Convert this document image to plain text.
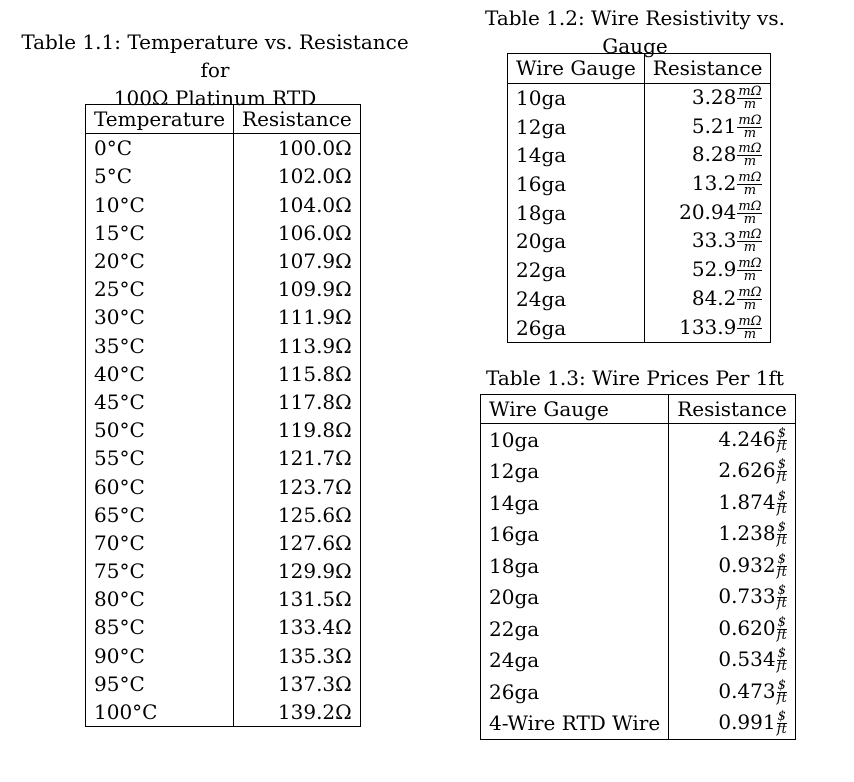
Table 1.1: Temperature vs. Resistance for
100Ω Platinum RTD
Temperature	Resistance
0°C	100.0Ω
5°C	102.0Ω
10°C	104.0Ω
15°C	106.0Ω
20°C	107.9Ω
25°C	109.9Ω
30°C	111.9Ω
35°C	113.9Ω
40°C	115.8Ω
45°C	117.8Ω
50°C	119.8Ω
55°C	121.7Ω
60°C	123.7Ω
65°C	125.6Ω
70°C	127.6Ω
75°C	129.9Ω
80°C	131.5Ω
85°C	133.4Ω
90°C	135.3Ω
95°C	137.3Ω
100°C	139.2Ω
Table 1.2: Wire Resistivity vs. Gauge
Wire Gauge	Resistance
10ga	$3.28 \frac{m\Omega}{m}$

12ga	$5.21 \frac{m\Omega}{m}$

14ga	$8.28 \frac{m\Omega}{m}$

16ga	$13.2 \frac{m\Omega}{m}$

18ga	$20.94 \frac{m\Omega}{m}$

20ga	$33.3 \frac{m\Omega}{m}$

22ga	$52.9 \frac{m\Omega}{m}$

24ga	$84.2 \frac{m\Omega}{m}$

26ga	$133.9 \frac{m\Omega}{m}$
Table 1.3: Wire Prices Per 1ft
Wire Gauge	Resistance
10ga	$4.246 \frac{\$}{ft}$

12ga	$2.626 \frac{\$}{ft}$

14ga	$1.874 \frac{\$}{ft}$

16ga	$1.238 \frac{\$}{ft}$

18ga	$0.932 \frac{\$}{ft}$

20ga	$0.733 \frac{\$}{ft}$

22ga	$0.620 \frac{\$}{ft}$

24ga	$0.534 \frac{\$}{ft}$

26ga	$0.473 \frac{\$}{ft}$

4-Wire RTD Wire	$0.991 \frac{\$}{ft}$
